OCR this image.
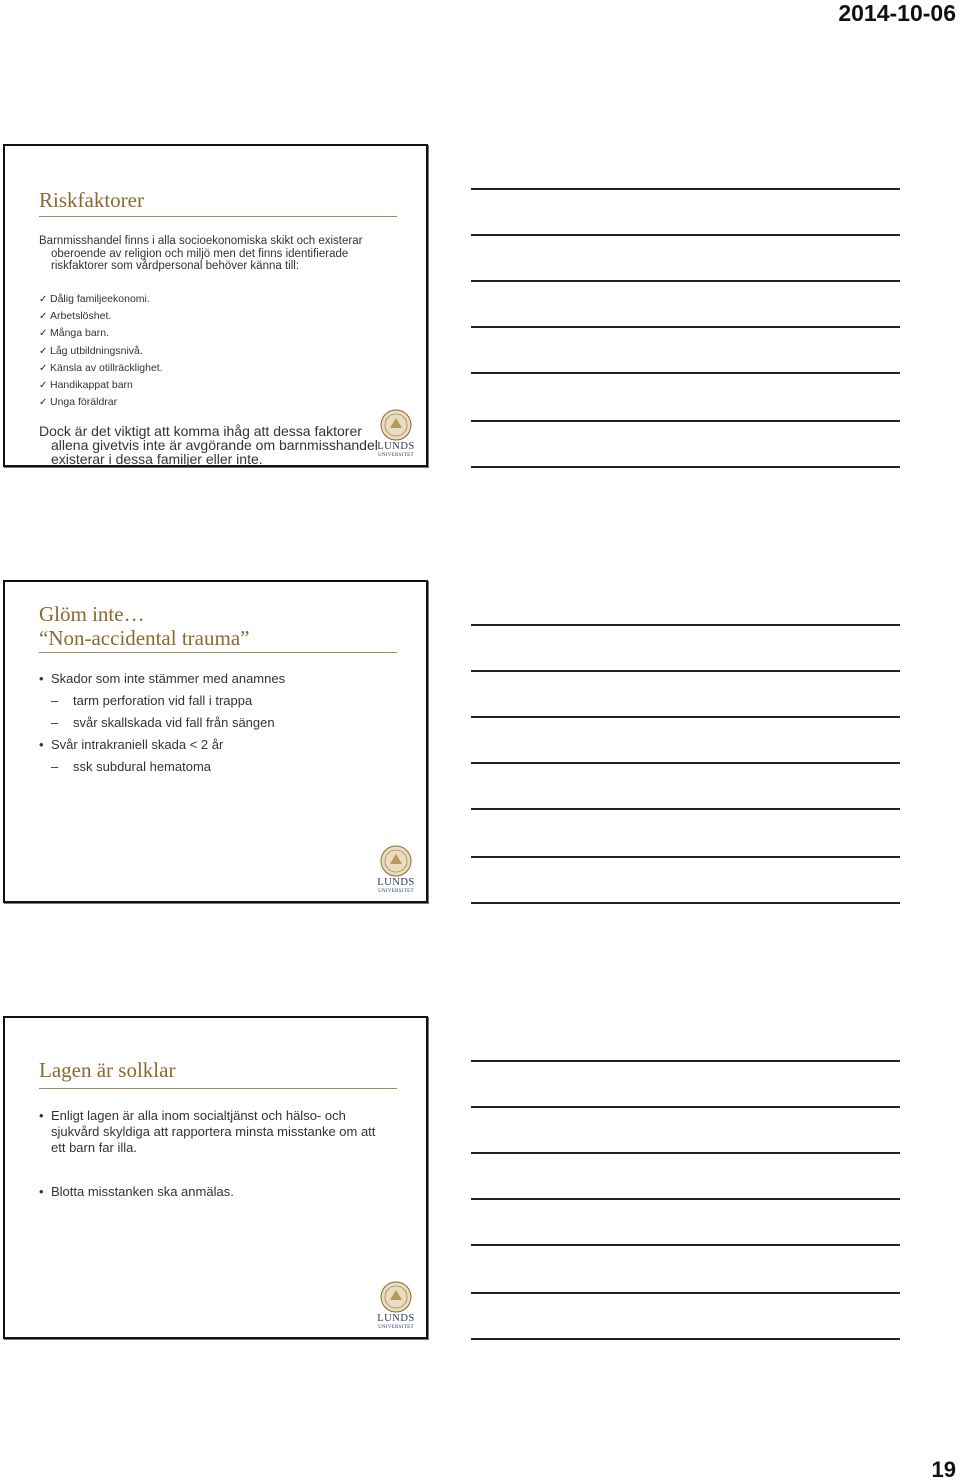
2014-10-06
Riskfaktorer
Barnmisshandel finns i alla socioekonomiska skikt och existerar
oberoende av religion och miljö men det finns identifierade
riskfaktorer som vårdpersonal behöver känna till:
✓ Dålig familjeekonomi.
✓ Arbetslöshet.
✓ Många barn.
✓ Låg utbildningsnivå.
✓ Känsla av otillräcklighet.
✓ Handikappat barn
✓ Unga föräldrar
Dock är det viktigt att komma ihåg att dessa faktorer
allena givetvis inte är avgörande om barnmisshandel
existerar i dessa familjer eller inte.
LUNDS
UNIVERSITET
Glöm inte…
“Non-accidental trauma”
• Skador som inte stämmer med anamnes
– tarm perforation vid fall i trappa
– svår skallskada vid fall från sängen
• Svår intrakraniell skada < 2 år
– ssk subdural hematoma
LUNDS
UNIVERSITET
Lagen är solklar
• Enligt lagen är alla inom socialtjänst och hälso- och
sjukvård skyldiga att rapportera minsta misstanke om att
ett barn far illa.
• Blotta misstanken ska anmälas.
LUNDS
UNIVERSITET
19
